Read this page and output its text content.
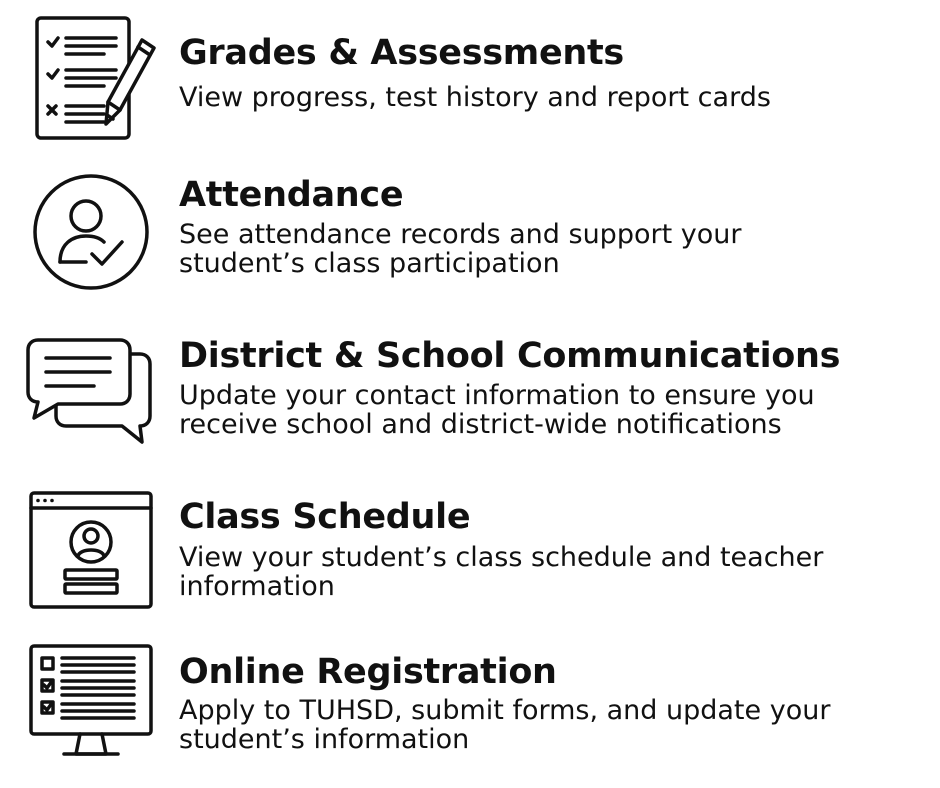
Grades & Assessments

View progress, test history and report cards

Attendance

See attendance records and support your student’s class participation

District & School Communications

Update your contact information to ensure you receive school and district-wide notifications

Class Schedule

View your student’s class schedule and teacher information

Online Registration

Apply to TUHSD, submit forms, and update your student’s information
